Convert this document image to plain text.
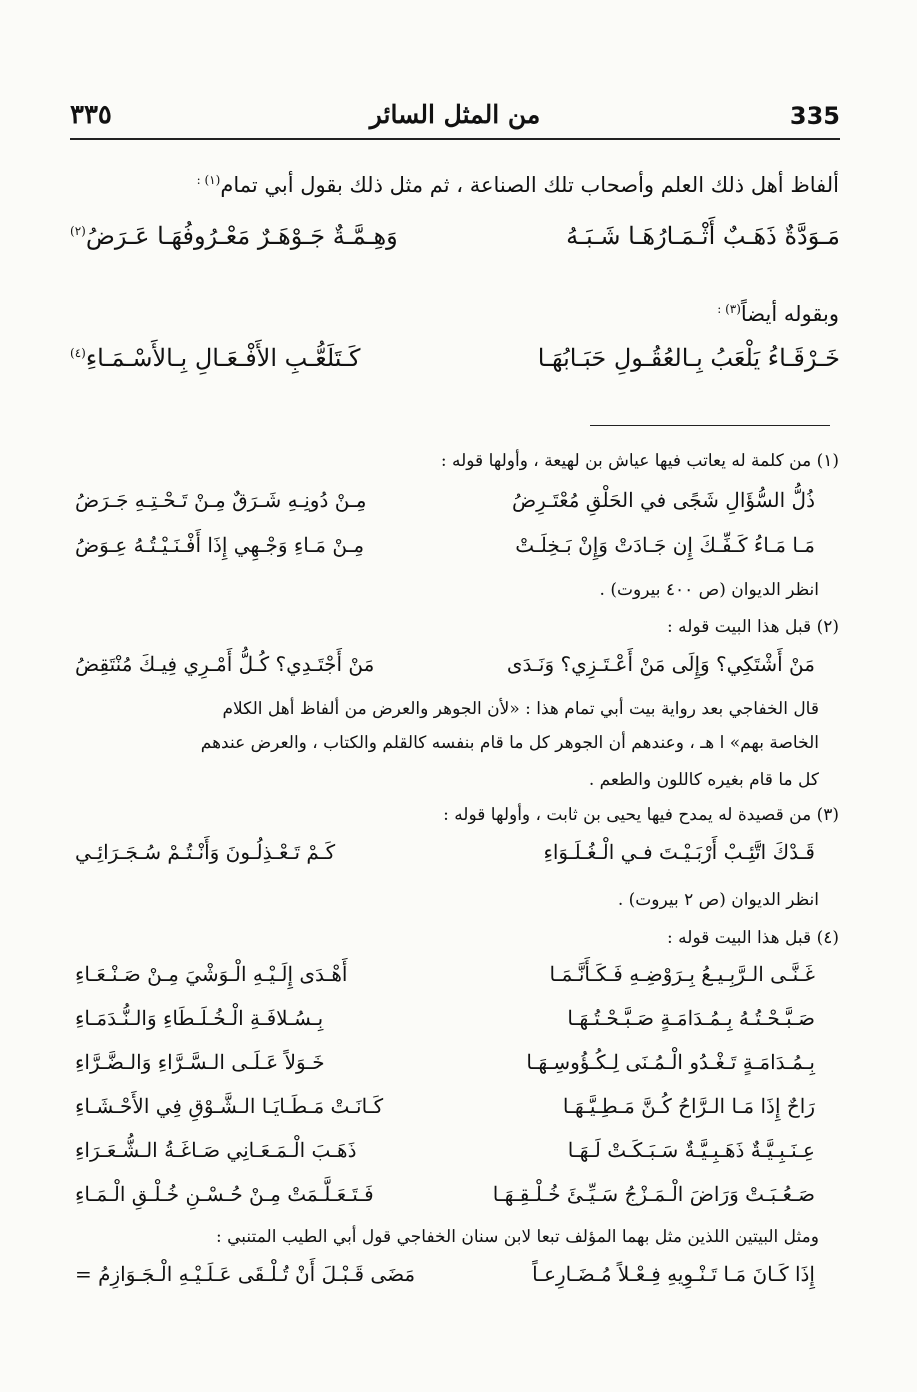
335
من المثل السائر
٣٣٥
ألفاظ أهل ذلك العلم وأصحاب تلك الصناعة ، ثم مثل ذلك بقول أبي تمام$^{(١) :}$
مَـوَدَّةٌ ذَهَـبٌ أَثْـمَـارُهَـا شَـبَـهُ
وَهِـمَّـةٌ جَـوْهَـرٌ مَعْـرُوفُهَـا عَـرَضُ$^{(٢)}$
وبقوله أيضاً$^{(٣) :}$
خَـرْقَـاءُ يَلْعَبُ بِـالعُقُـولِ حَبَـابُهَـا
كَـتَلَعُّـبِ الأَفْـعَـالِ بِـالأَسْـمَـاءِ$^{(٤)}$
(١) من كلمة له يعاتب فيها عياش بن لهيعة ، وأولها قوله :
ذُلُّ السُّؤَالِ شَجًى في الحَلْقِ مُعْتَـرِضُ
مِـنْ دُونِـهِ شَـرَقٌ مِـنْ تَـحْـتِـهِ جَـرَضُ
مَـا مَـاءُ كَـفِّـكَ إِن جَـادَتْ وَإِنْ بَـخِلَـتْ
مِـنْ مَـاءِ وَجْـهِي إِذَا أَفْـنَـيْـتُـهُ عِـوَضُ
انظر الديوان (ص ٤٠٠ بيروت) .
(٢) قبل هذا البيت قوله :
مَنْ أَشْتَكِي؟ وَإِلَى مَنْ أَعْـتَـزِي؟ وَنَـدَى
مَنْ أَجْتَـدِي؟ كُـلُّ أَمْـرِي فِيـكَ مُنْتَقِضُ
قال الخفاجي بعد رواية بيت أبي تمام هذا : «لأن الجوهر والعرض من ألفاظ أهل الكلام
الخاصة بهم» ا هـ ، وعندهم أن الجوهر كل ما قام بنفسه كالقلم والكتاب ، والعرض عندهم
كل ما قام بغيره كاللون والطعم .
(٣) من قصيدة له يمدح فيها يحيى بن ثابت ، وأولها قوله :
قَـدْكَ اتَّئِـبْ أَرْبَـيْـتَ فـي الْـغُـلَـوَاءِ
كَـمْ تَـعْـذِلُـونَ وَأَنْـتُـمْ سُـجَـرَائِـي
انظر الديوان (ص ٢ بيروت) .
(٤) قبل هذا البيت قوله :
غَـنَّـى الـرَّبِـيـعُ بِـرَوْضِـهِ فَـكَـأَنَّـمَـا
أَهْـدَى إِلَـيْـهِ الْـوَشْيَ مِـنْ صَـنْـعَـاءِ
صَـبَّـحْـتُـهُ بِـمُـدَامَـةٍ صَـبَّـحْـتُـهَـا
بِـسُـلافَـةِ الْـخُـلَـطَاءِ وَالـنُّـدَمَـاءِ
بِـمُـدَامَـةٍ تَـغْـدُو الْـمُـنَى لِـكُـؤُوسِـهَـا
خَـوَلاً عَـلَـى الـسَّـرَّاءِ وَالـضَّـرَّاءِ
رَاحٌ إِذَا مَـا الـرَّاحُ كُـنَّ مَـطِـيَّـهَـا
كَـانَـتْ مَـطَـايَـا الـشَّـوْقِ فِي الأَحْـشَـاءِ
عِـنَـبِـيَّـةٌ ذَهَـبِـيَّـةٌ سَـبَـكَـتْ لَـهَـا
ذَهَـبَ الْـمَـعَـانِي صَـاغَـةُ الـشُّـعَـرَاءِ
صَـعُـبَـتْ وَرَاضَ الْـمَـزْجُ سَـيِّـئَ خُـلْـقِـهَـا
فَـتَـعَـلَّـمَتْ مِـنْ حُـسْـنِ خُـلْـقِ الْـمَـاءِ
ومثل البيتين اللذين مثل بهما المؤلف تبعا لابن سنان الخفاجي قول أبي الطيب المتنبي :
إِذَا كَـانَ مَـا تَـنْـوِيهِ فِـعْـلاً مُـضَـارِعـاً
مَضَى قَـبْـلَ أَنْ تُـلْـقَى عَـلَـيْـهِ الْـجَـوَازِمُ =
